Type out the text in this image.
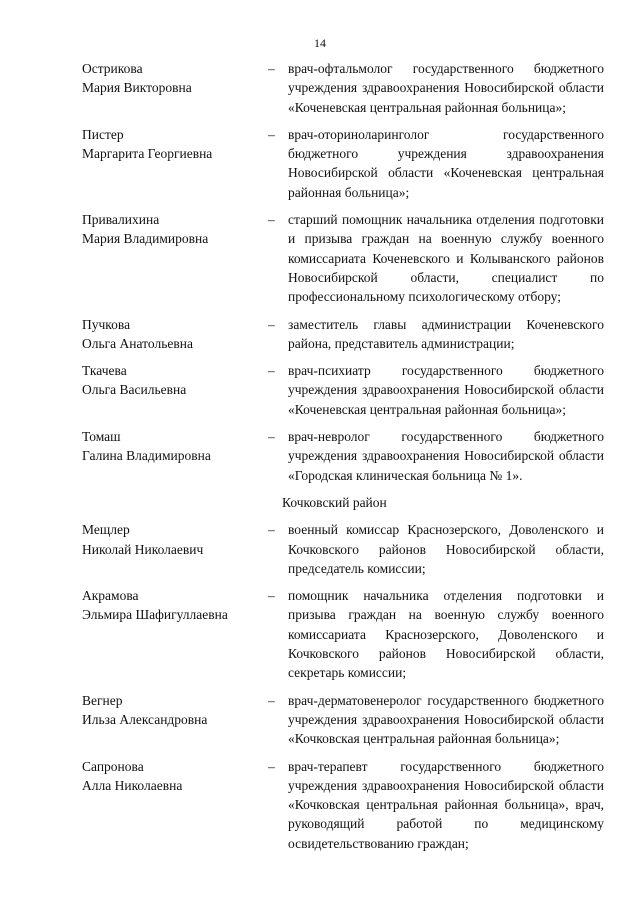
14
Острикова
Мария Викторовна
– врач-офтальмолог государственного бюджетного учреждения здравоохранения Новосибирской области «Коченевская центральная районная больница»;
Пистер
Маргарита Георгиевна
– врач-оториноларинголог государственного бюджетного учреждения здравоохранения Новосибирской области «Коченевская центральная районная больница»;
Привалихина
Мария Владимировна
– старший помощник начальника отделения подготовки и призыва граждан на военную службу военного комиссариата Коченевского и Колыванского районов Новосибирской области, специалист по профессиональному психологическому отбору;
Пучкова
Ольга Анатольевна
– заместитель главы администрации Коченевского района, представитель администрации;
Ткачева
Ольга Васильевна
– врач-психиатр государственного бюджетного учреждения здравоохранения Новосибирской области «Коченевская центральная районная больница»;
Томаш
Галина Владимировна
– врач-невролог государственного бюджетного учреждения здравоохранения Новосибирской области «Городская клиническая больница № 1».
Кочковский район
Мещлер
Николай Николаевич
– военный комиссар Краснозерского, Доволенского и Кочковского районов Новосибирской области, председатель комиссии;
Акрамова
Эльмира Шафигуллаевна
– помощник начальника отделения подготовки и призыва граждан на военную службу военного комиссариата Краснозерского, Доволенского и Кочковского районов Новосибирской области, секретарь комиссии;
Вегнер
Ильза Александровна
– врач-дерматовенеролог государственного бюджетного учреждения здравоохранения Новосибирской области «Кочковская центральная районная больница»;
Сапронова
Алла Николаевна
– врач-терапевт государственного бюджетного учреждения здравоохранения Новосибирской области «Кочковская центральная районная больница», врач, руководящий работой по медицинскому освидетельствованию граждан;
